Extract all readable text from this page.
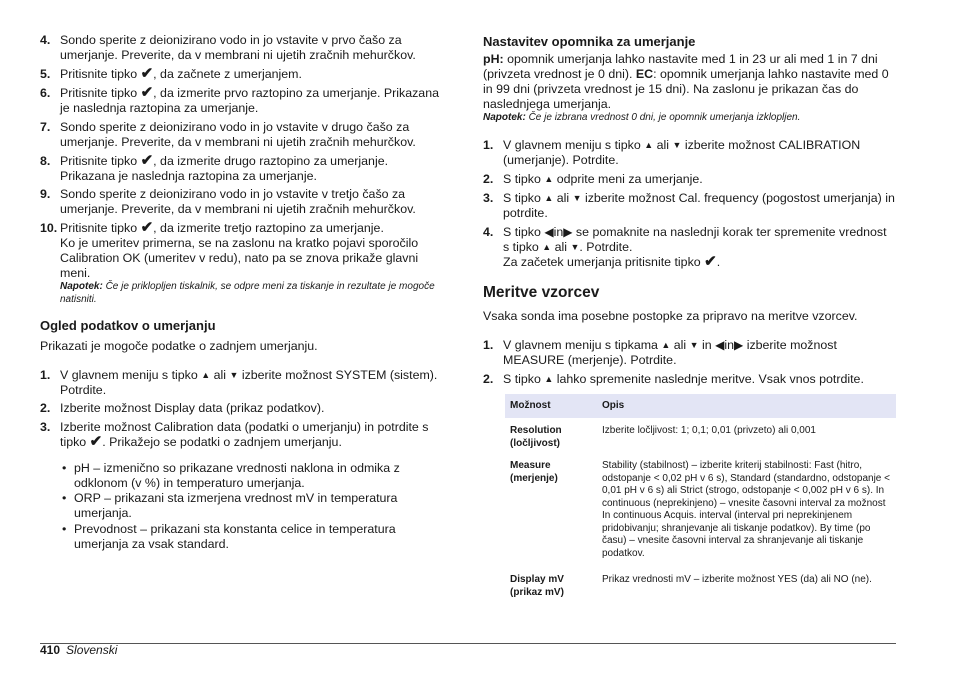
4. Sondo sperite z deionizirano vodo in jo vstavite v prvo čašo za umerjanje. Preverite, da v membrani ni ujetih zračnih mehurčkov.
5. Pritisnite tipko ✔, da začnete z umerjanjem.
6. Pritisnite tipko ✔, da izmerite prvo raztopino za umerjanje. Prikazana je naslednja raztopina za umerjanje.
7. Sondo sperite z deionizirano vodo in jo vstavite v drugo čašo za umerjanje. Preverite, da v membrani ni ujetih zračnih mehurčkov.
8. Pritisnite tipko ✔, da izmerite drugo raztopino za umerjanje. Prikazana je naslednja raztopina za umerjanje.
9. Sondo sperite z deionizirano vodo in jo vstavite v tretjo čašo za umerjanje. Preverite, da v membrani ni ujetih zračnih mehurčkov.
10. Pritisnite tipko ✔, da izmerite tretjo raztopino za umerjanje.
Ko je umeritev primerna, se na zaslonu na kratko pojavi sporočilo Calibration OK (umeritev v redu), nato pa se znova prikaže glavni meni.
Napotek: Če je priklopljen tiskalnik, se odpre meni za tiskanje in rezultate je mogoče natisniti.
Ogled podatkov o umerjanju
Prikazati je mogoče podatke o zadnjem umerjanju.
1. V glavnem meniju s tipko ▲ ali ▼ izberite možnost SYSTEM (sistem). Potrdite.
2. Izberite možnost Display data (prikaz podatkov).
3. Izberite možnost Calibration data (podatki o umerjanju) in potrdite s tipko ✔. Prikažejo se podatki o zadnjem umerjanju.
• pH – izmenično so prikazane vrednosti naklona in odmika z odklonom (v %) in temperaturo umerjanja.
• ORP – prikazani sta izmerjena vrednost mV in temperatura umerjanja.
• Prevodnost – prikazani sta konstanta celice in temperatura umerjanja za vsak standard.
Nastavitev opomnika za umerjanje
pH: opomnik umerjanja lahko nastavite med 1 in 23 ur ali med 1 in 7 dni (privzeta vrednost je 0 dni). EC: opomnik umerjanja lahko nastavite med 0 in 99 dni (privzeta vrednost je 15 dni). Na zaslonu je prikazan čas do naslednjega umerjanja.
Napotek: Če je izbrana vrednost 0 dni, je opomnik umerjanja izklopljen.
1. V glavnem meniju s tipko ▲ ali ▼ izberite možnost CALIBRATION (umerjanje). Potrdite.
2. S tipko ▲ odprite meni za umerjanje.
3. S tipko ▲ ali ▼ izberite možnost Cal. frequency (pogostost umerjanja) in potrdite.
4. S tipko ◀in▶ se pomaknite na naslednji korak ter spremenite vrednost s tipko ▲ ali ▼. Potrdite.
Za začetek umerjanja pritisnite tipko ✔.
Meritve vzorcev
Vsaka sonda ima posebne postopke za pripravo na meritve vzorcev.
1. V glavnem meniju s tipkama ▲ ali ▼ in ◀in▶ izberite možnost MEASURE (merjenje). Potrdite.
2. S tipko ▲ lahko spremenite naslednje meritve. Vsak vnos potrdite.
Možnost	Opis
Resolution (ločljivost)	Izberite ločljivost: 1; 0,1; 0,01 (privzeto) ali 0,001
Measure (merjenje)	Stability (stabilnost) – izberite kriterij stabilnosti: Fast (hitro, odstopanje < 0,02 pH v 6 s), Standard (standardno, odstopanje < 0,01 pH v 6 s) ali Strict (strogo, odstopanje < 0,002 pH v 6 s). In continuous (neprekinjeno) – vnesite časovni interval za možnost In continuous Acquis. interval (interval pri neprekinjenem pridobivanju; shranjevanje ali tiskanje podatkov). By time (po času) – vnesite časovni interval za shranjevanje ali tiskanje podatkov.
Display mV (prikaz mV)	Prikaz vrednosti mV – izberite možnost YES (da) ali NO (ne).
410 Slovenski
